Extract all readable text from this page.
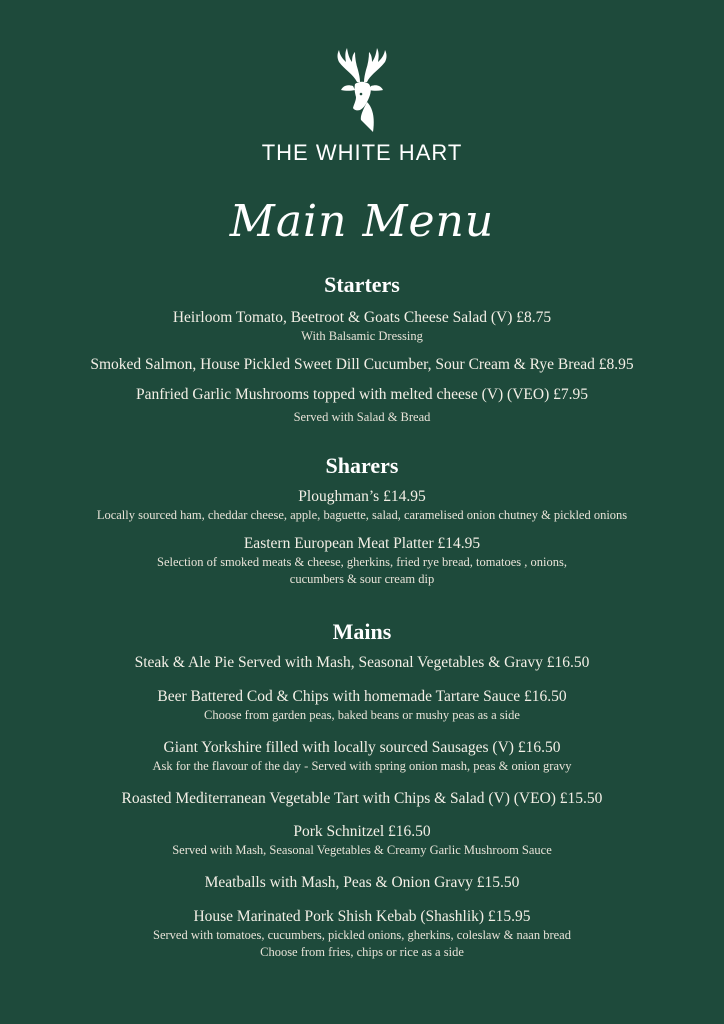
THE WHITE HART
Main Menu
Starters
Heirloom Tomato, Beetroot & Goats Cheese Salad (V) £8.75
With Balsamic Dressing
Smoked Salmon, House Pickled Sweet Dill Cucumber, Sour Cream & Rye Bread £8.95
Panfried Garlic Mushrooms topped with melted cheese (V) (VEO) £7.95
Served with Salad & Bread
Sharers
Ploughman’s £14.95
Locally sourced ham, cheddar cheese, apple, baguette, salad, caramelised onion chutney & pickled onions
Eastern European Meat Platter £14.95
Selection of smoked meats & cheese, gherkins, fried rye bread, tomatoes , onions,
cucumbers & sour cream dip
Mains
Steak & Ale Pie Served with Mash, Seasonal Vegetables & Gravy £16.50
Beer Battered Cod & Chips with homemade Tartare Sauce £16.50
Choose from garden peas, baked beans or mushy peas as a side
Giant Yorkshire filled with locally sourced Sausages (V) £16.50
Ask for the flavour of the day - Served with spring onion mash, peas & onion gravy
Roasted Mediterranean Vegetable Tart with Chips & Salad (V) (VEO) £15.50
Pork Schnitzel £16.50
Served with Mash, Seasonal Vegetables & Creamy Garlic Mushroom Sauce
Meatballs with Mash, Peas & Onion Gravy £15.50
House Marinated Pork Shish Kebab (Shashlik) £15.95
Served with tomatoes, cucumbers, pickled onions, gherkins, coleslaw & naan bread
Choose from fries, chips or rice as a side
